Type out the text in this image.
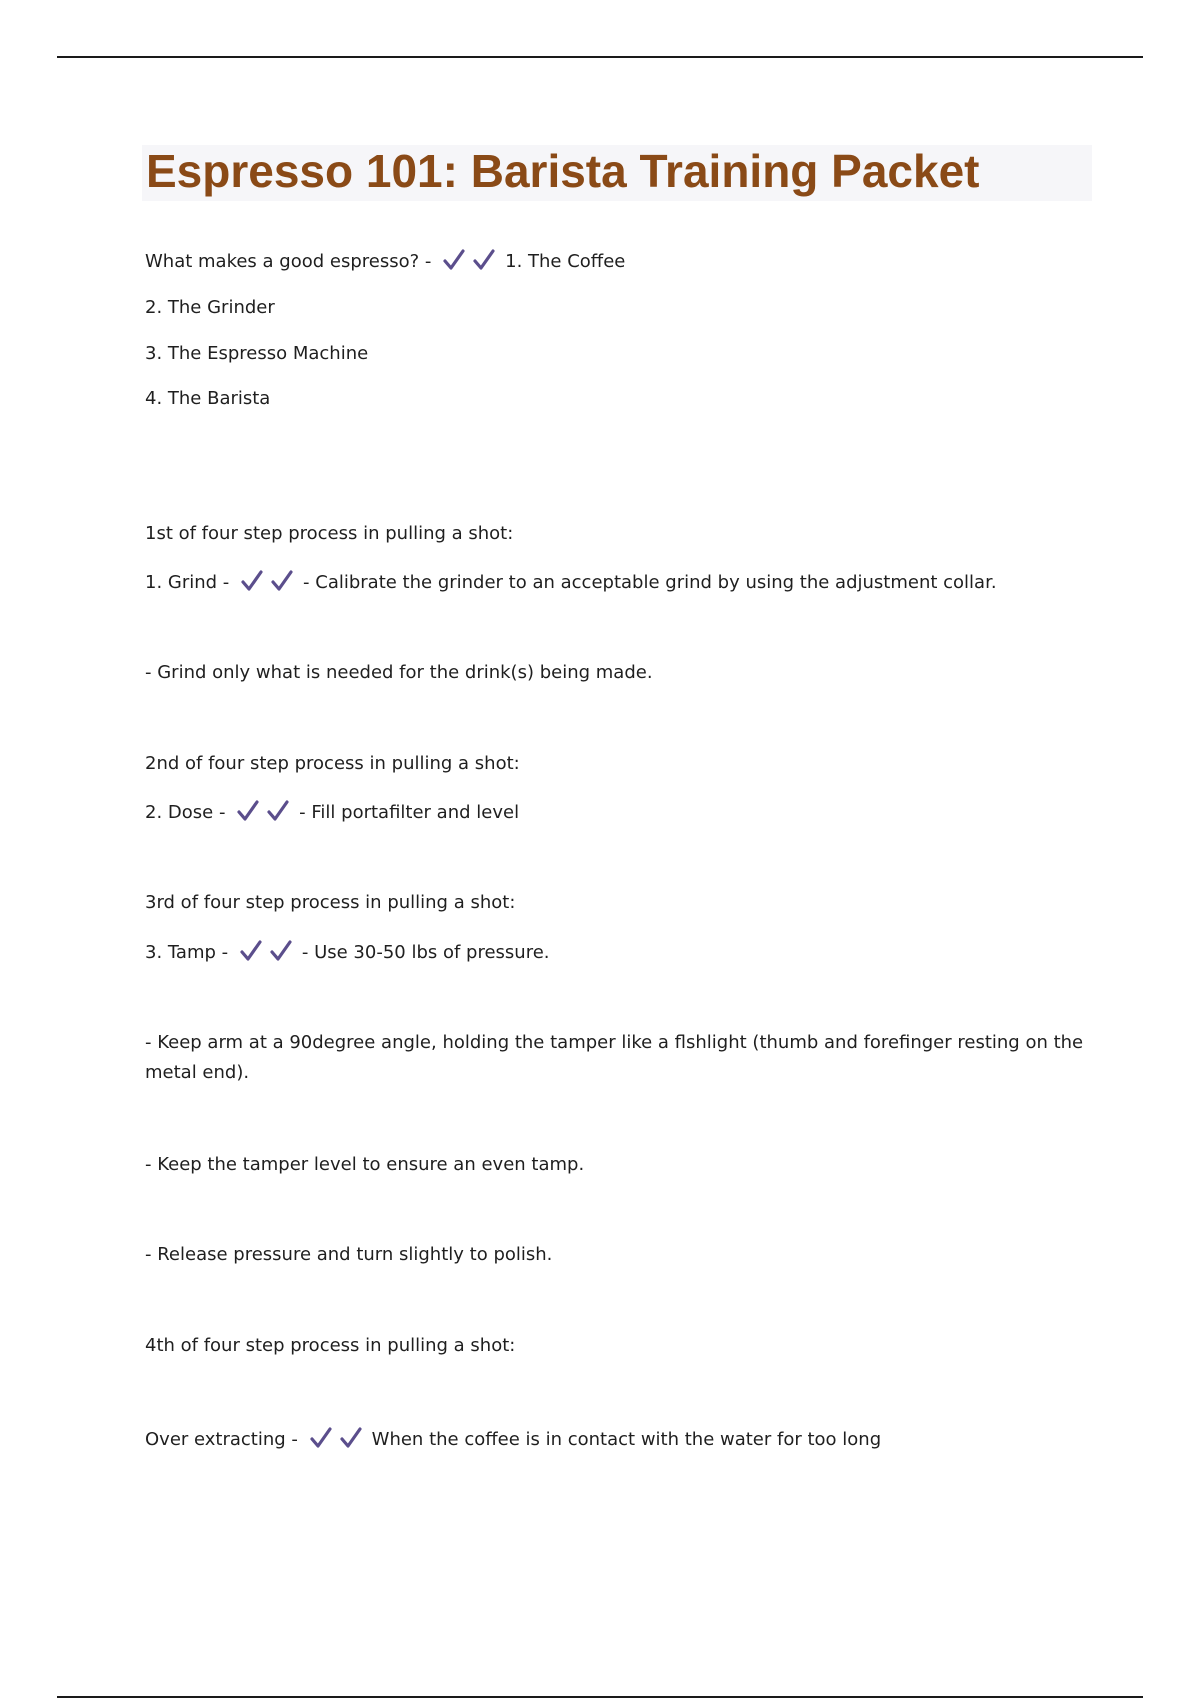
Espresso 101: Barista Training Packet
What makes a good espresso? -	1. The Coffee
2. The Grinder
3. The Espresso Machine
4. The Barista
1st of four step process in pulling a shot:
1. Grind -	- Calibrate the grinder to an acceptable grind by using the adjustment collar.
- Grind only what is needed for the drink(s) being made.
2nd of four step process in pulling a shot:
2. Dose -	- Fill portafilter and level
3rd of four step process in pulling a shot:
3. Tamp -	- Use 30-50 lbs of pressure.
- Keep arm at a 90degree angle, holding the tamper like a flshlight (thumb and forefinger resting on the metal end).
- Keep the tamper level to ensure an even tamp.
- Release pressure and turn slightly to polish.
4th of four step process in pulling a shot:
Over extracting -	When the coffee is in contact with the water for too long
